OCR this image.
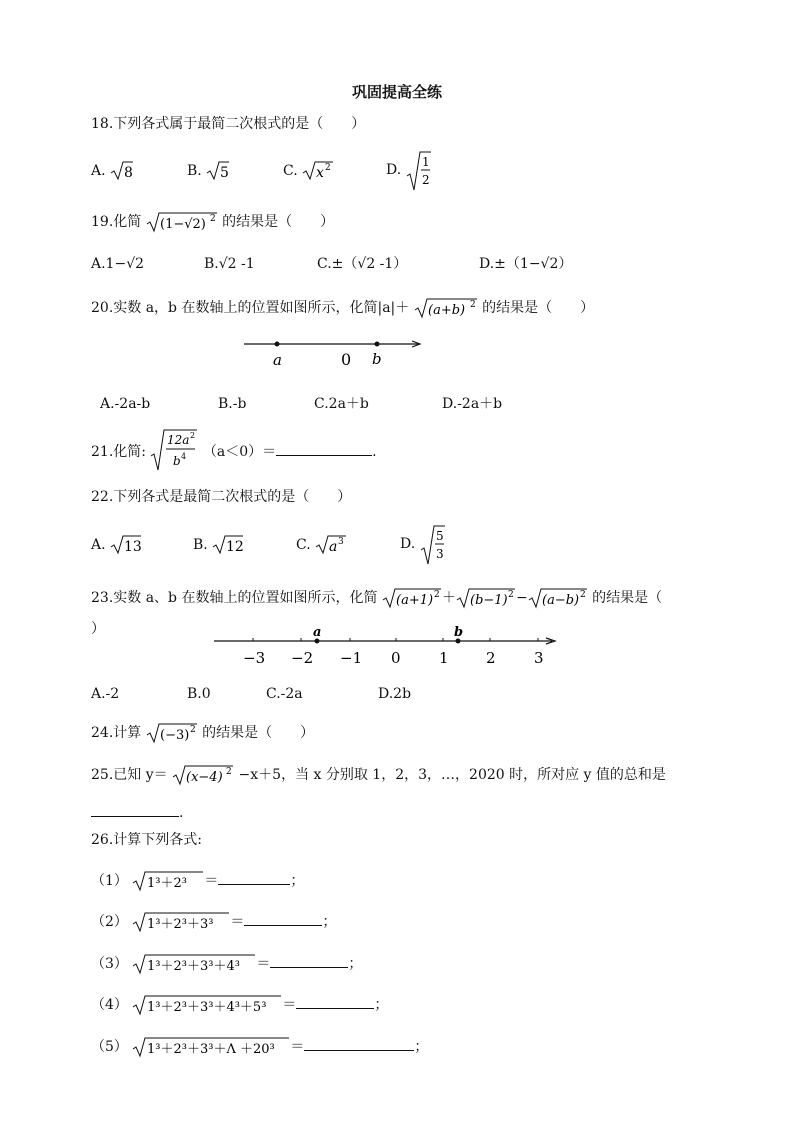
巩固提高全练
18.下列各式属于最简二次根式的是（　　）
A. 8	B. 5	C. x 2	D. 1
2
19.化简 (1−√2) 2 的结果是（　　）
A.1−√2	B.√2 -1	C.±（√2 -1）	D.±（1−√2）
20.实数 a，b 在数轴上的位置如图所示，化简|a|＋ (a+b) 2 的结果是（　　）
a	0 b
A.-2a-b	B.-b	C.2a＋b	D.-2a＋b
21.化简:
12a 2
b 4 （a＜0）＝	.
22.下列各式是最简二次根式的是（　　）
A. 13	B. 12	C. a 3	D. 5
3
23.实数 a、b 在数轴上的位置如图所示，化简 (a+1) 2 ＋ (b−1) 2 − (a−b) 2 的结果是（
）
−3 −2 −1 0	1 2	3
a	b
A.-2	B.0	C.-2a	D.2b
24.计算 (−3) 2 的结果是（　　）
25.已知 y＝ (x−4) 2 −x＋5，当 x 分别取 1，2，3，…，2020 时，所对应 y 值的总和是
.
26.计算下列各式:
（1） 1³＋2³ ＝	；
（2） 1³＋2³＋3³ ＝	；
（3） 1³＋2³＋3³＋4³ ＝	；
（4） 1³＋2³＋3³＋4³＋5³ ＝	；
（5） 1³＋2³＋3³＋Λ ＋20³ ＝	；
